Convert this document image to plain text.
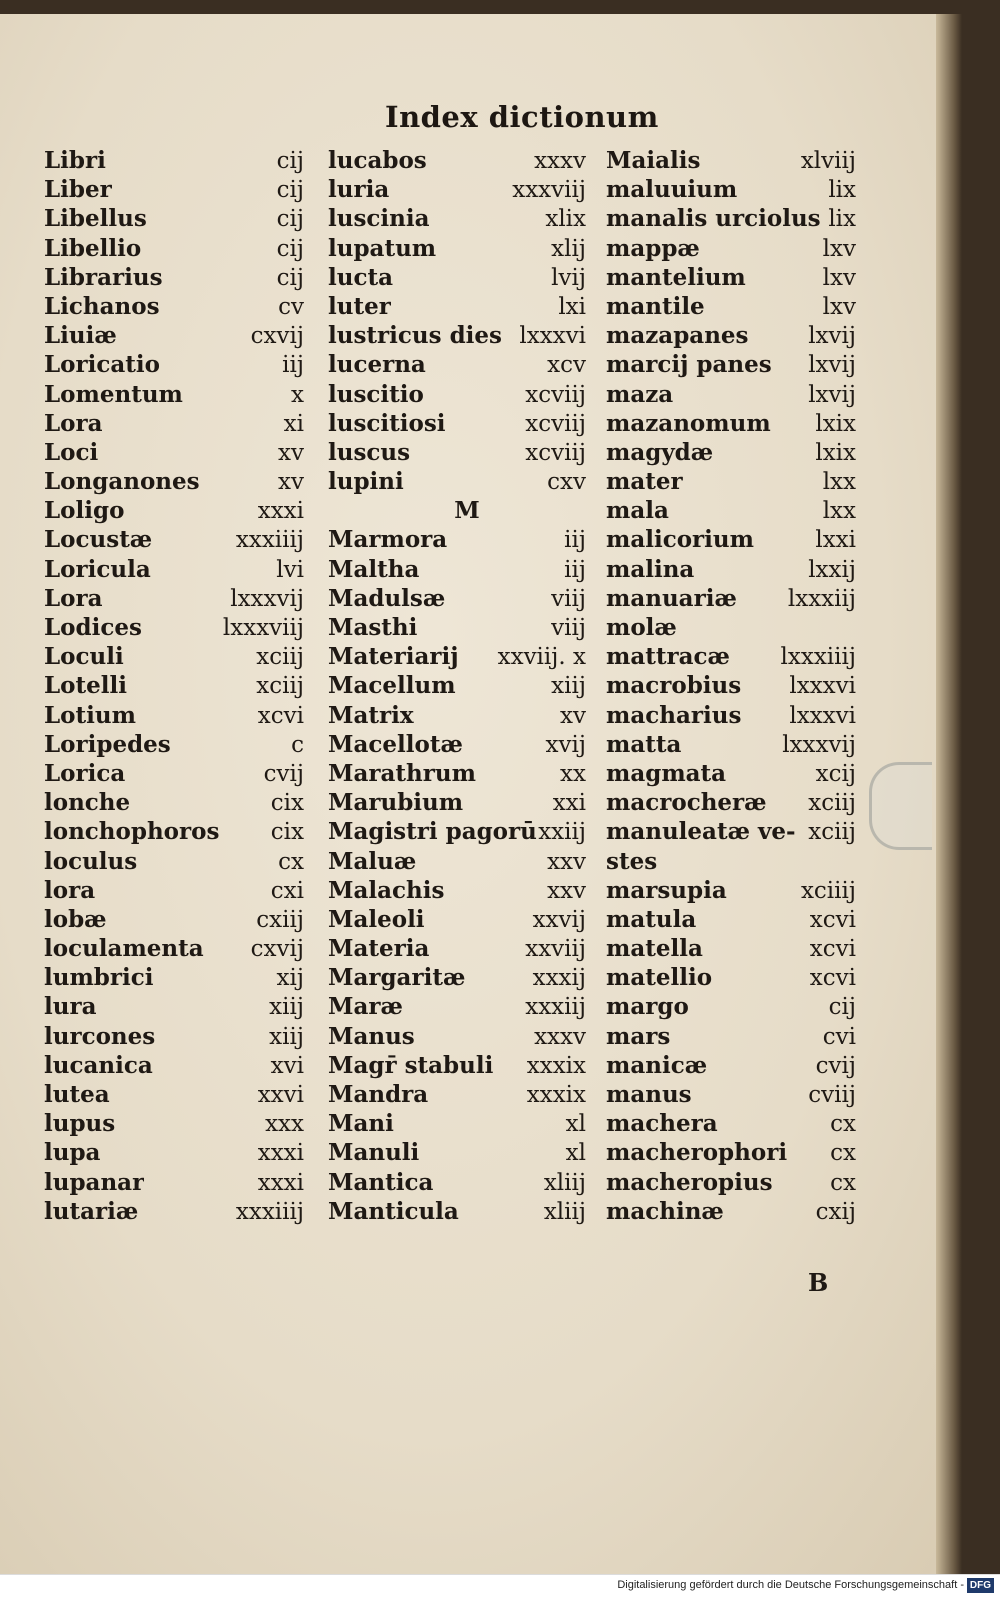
Index dictionum
Libri	cij
Liber	cij
Libellus	cij
Libellio	cij
Librarius	cij
Lichanos	cv
Liuiæ	cxvij
Loricatio	iij
Lomentum	x
Lora	xi
Loci	xv
Longanones	xv
Loligo	xxxi
Locustæ	xxxiiij
Loricula	lvi
Lora	lxxxvij
Lodices	lxxxviij
Loculi	xciij
Lotelli	xciij
Lotium	xcvi
Loripedes	c
Lorica	cvij
lonche	cix
lonchophoros cix
loculus	cx
lora	cxi
lobæ	cxiij
loculamenta cxvij
lumbrici	xij
lura	xiij
lurcones	xiij
lucanica	xvi
lutea	xxvi
lupus	xxx
lupa	xxxi
lupanar	xxxi
lutariæ	xxxiiij
lucabos	xxxv
luria	xxxviij
luscinia	xlix
lupatum	xlij
lucta	lvij
luter	lxi
lustricus dies lxxxvi
lucerna	xcv
luscitio	xcviij
luscitiosi	xcviij
luscus	xcviij
lupini	cxv
M
Marmora	iij
Maltha	iij
Madulsæ	viij
Masthi	viij
Materiarij xxviij. x
Macellum	xiij
Matrix	xv
Macellotæ	xvij
Marathrum	xx
Marubium	xxi
Magistri pagorū xxiij
Maluæ	xxv
Malachis	xxv
Maleoli	xxvij
Materia	xxviij
Margaritæ	xxxij
Maræ	xxxiij
Manus	xxxv
Magr̄ stabuli xxxix
Mandra	xxxix
Mani	xl
Manuli	xl
Mantica	xliij
Manticula	xliij
Maialis	xlviij
maluuium	lix
manalis urciolus lix
mappæ	lxv
mantelium	lxv
mantile	lxv
mazapanes	lxvij
marcij panes lxvij
maza	lxvij
mazanomum lxix
magydæ	lxix
mater	lxx
mala	lxx
malicorium	lxxi
malina	lxxij
manuariæ lxxxiij
molæ
mattracæ lxxxiiij
macrobius lxxxvi
macharius lxxxvi
matta	lxxxvij
magmata	xcij
macrocheræ xciij
manuleatæ ve- xciij
stes
marsupia	xciiij
matula	xcvi
matella	xcvi
matellio	xcvi
margo	cij
mars	cvi
manicæ	cvij
manus	cviij
machera	cx
macherophori cx
macheropius	cx
machinæ	cxij
B
Digitalisierung gefördert durch die Deutsche Forschungsgemeinschaft - DFG
